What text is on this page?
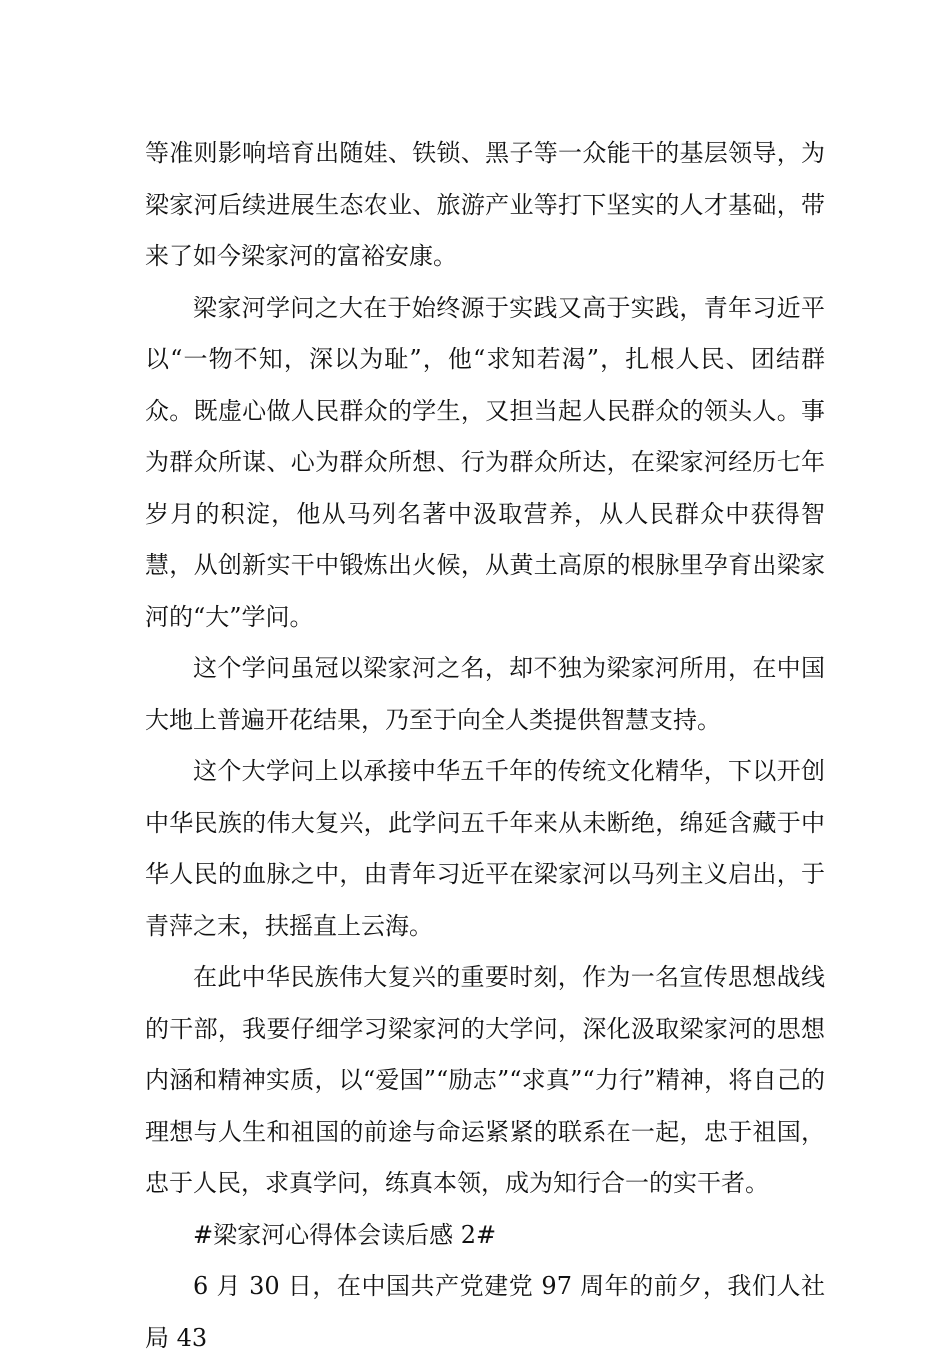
等准则影响培育出随娃、铁锁、黑子等一众能干的基层领导，为梁家河后续进展生态农业、旅游产业等打下坚实的人才基础，带来了如今梁家河的富裕安康。

梁家河学问之大在于始终源于实践又高于实践，青年习近平以“一物不知，深以为耻”，他“求知若渴”，扎根人民、团结群众。既虚心做人民群众的学生，又担当起人民群众的领头人。事为群众所谋、心为群众所想、行为群众所达，在梁家河经历七年岁月的积淀，他从马列名著中汲取营养，从人民群众中获得智慧，从创新实干中锻炼出火候，从黄土高原的根脉里孕育出梁家河的“大”学问。

这个学问虽冠以梁家河之名，却不独为梁家河所用，在中国大地上普遍开花结果，乃至于向全人类提供智慧支持。

这个大学问上以承接中华五千年的传统文化精华，下以开创中华民族的伟大复兴，此学问五千年来从未断绝，绵延含藏于中华人民的血脉之中，由青年习近平在梁家河以马列主义启出，于青萍之末，扶摇直上云海。

在此中华民族伟大复兴的重要时刻，作为一名宣传思想战线的干部，我要仔细学习梁家河的大学问，深化汲取梁家河的思想内涵和精神实质，以“爱国”“励志”“求真”“力行”精神，将自己的理想与人生和祖国的前途与命运紧紧的联系在一起，忠于祖国，忠于人民，求真学问，练真本领，成为知行合一的实干者。

#梁家河心得体会读后感 2#

6 月 30 日，在中国共产党建党 97 周年的前夕，我们人社局 43
